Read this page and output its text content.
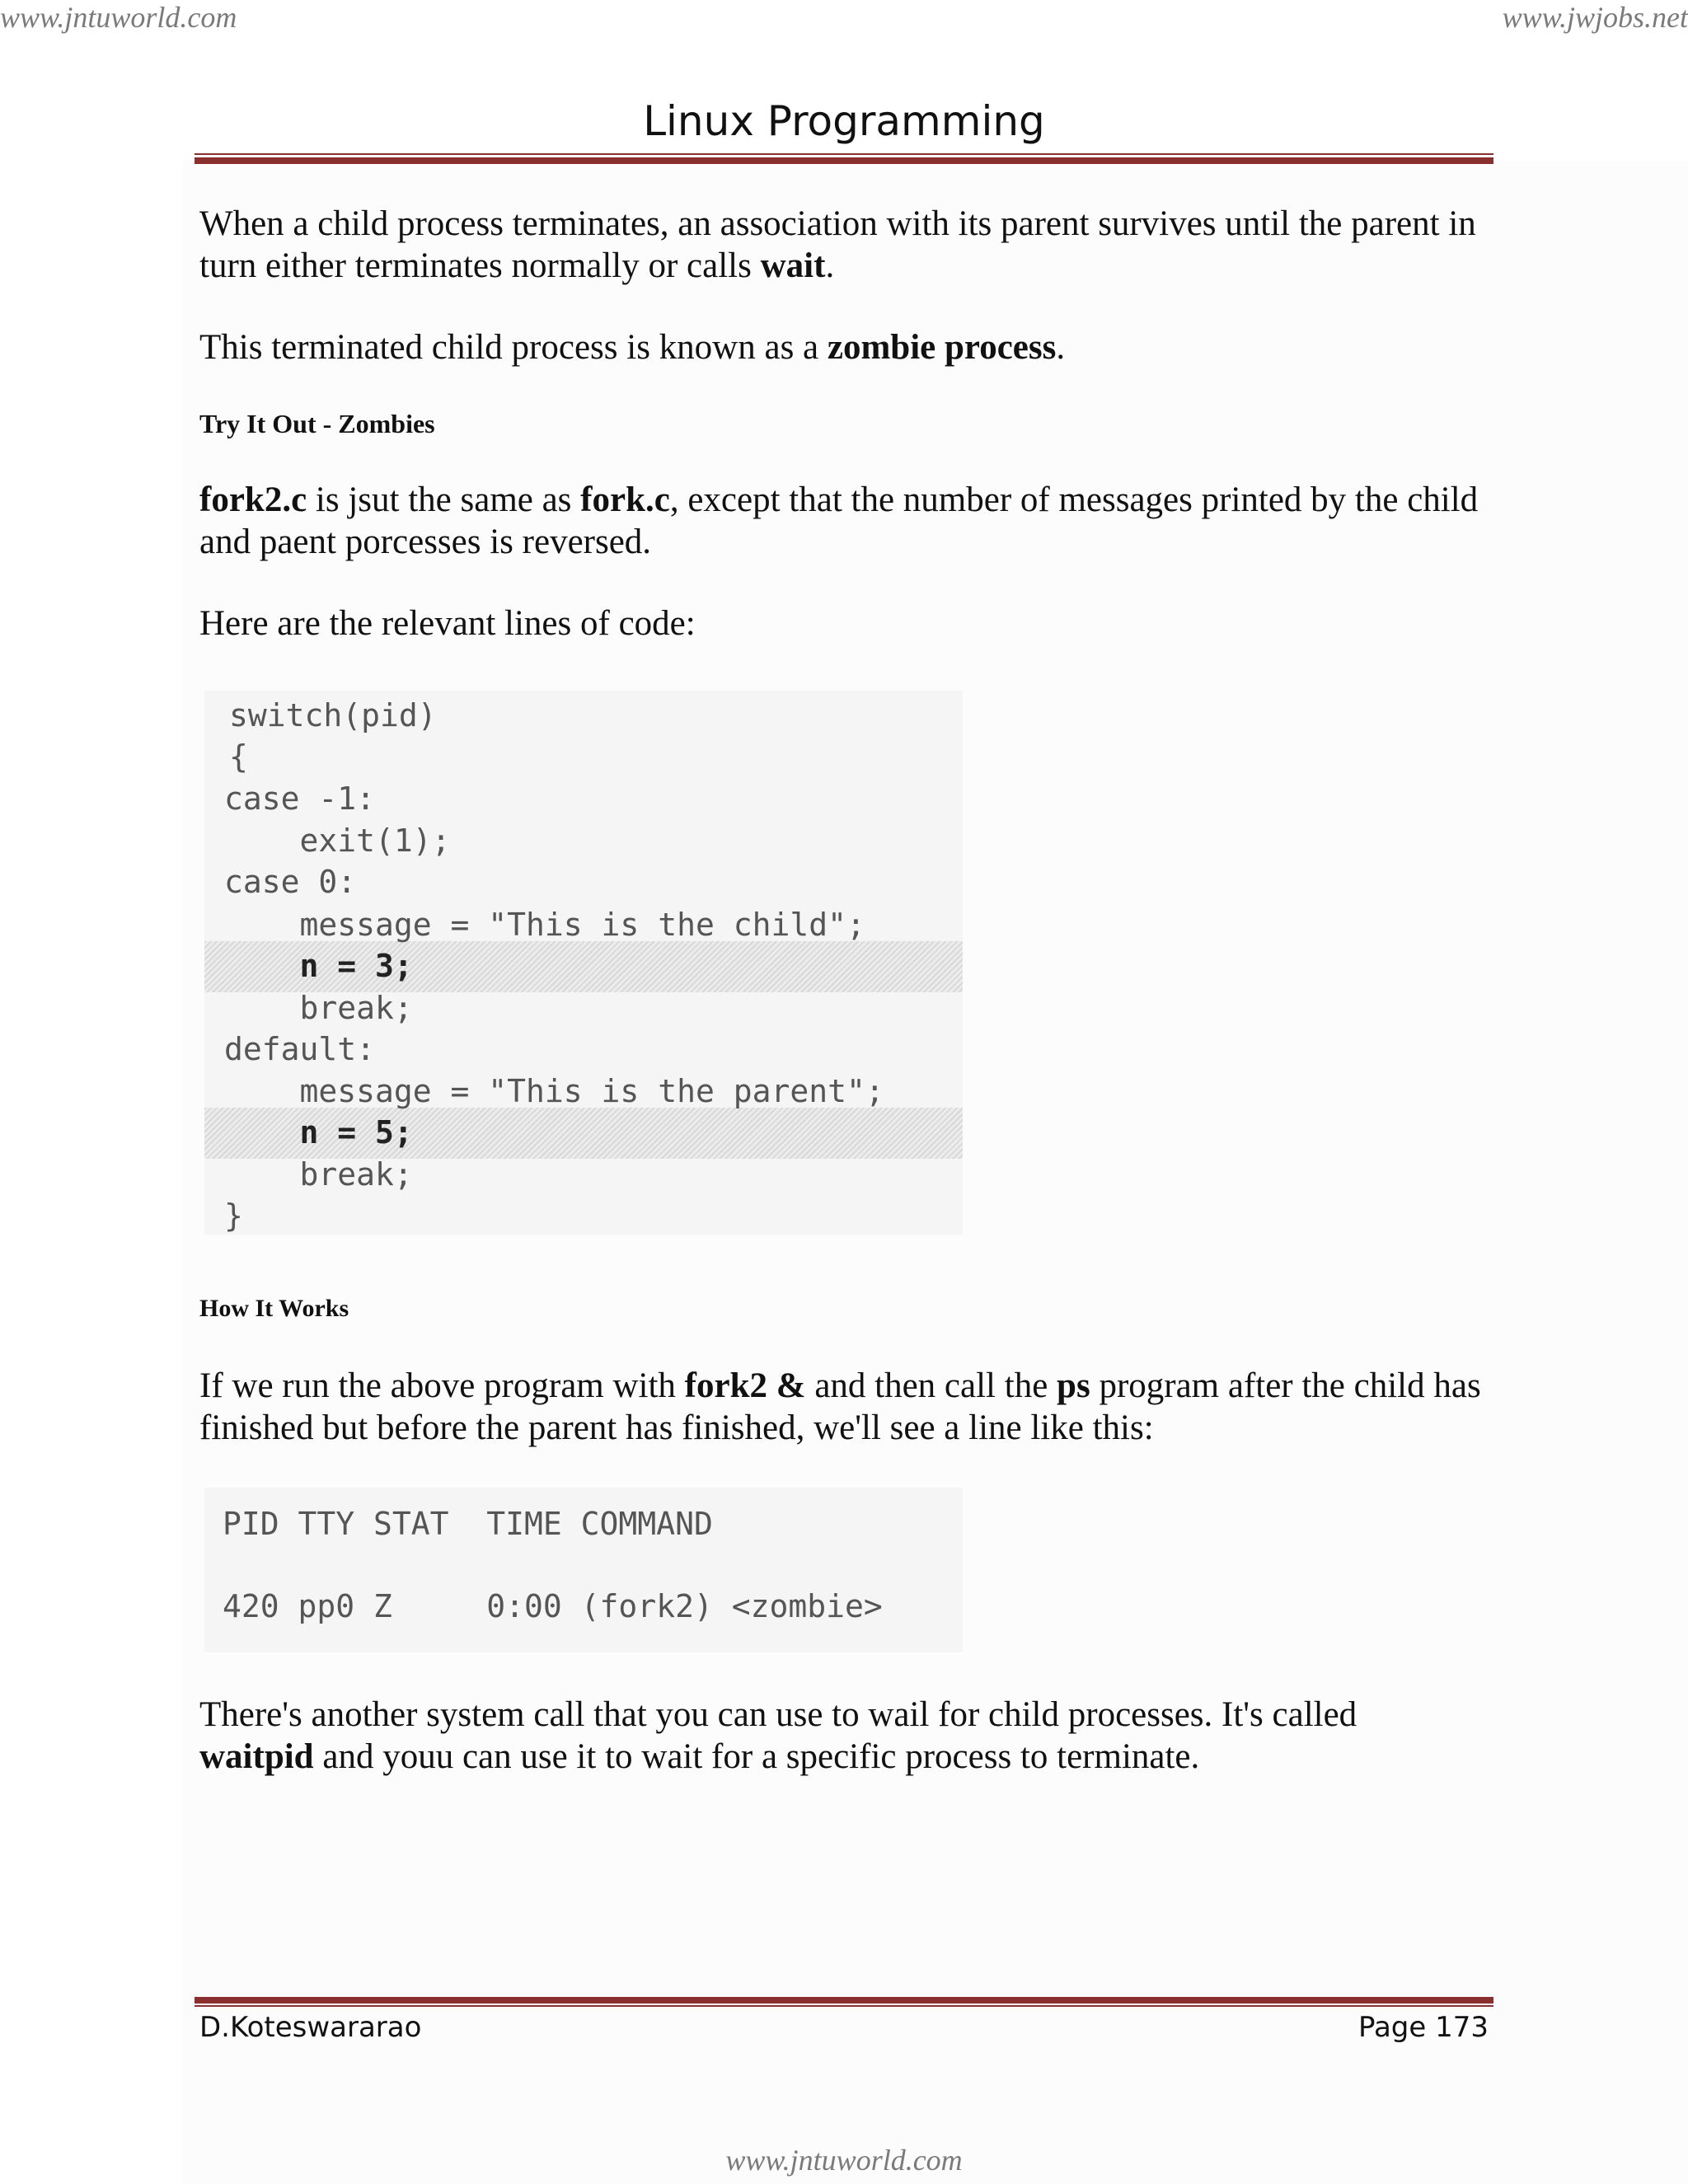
www.jntuworld.com	www.jwjobs.net
Linux Programming
When a child process terminates, an association with its parent survives until the parent in turn either terminates normally or calls wait.
This terminated child process is known as a zombie process.
Try It Out - Zombies
fork2.c is jsut the same as fork.c, except that the number of messages printed by the child and paent porcesses is reversed.
Here are the relevant lines of code:
switch(pid)
{
case -1:
exit(1);
case 0:
message = "This is the child";
n = 3;
break;
default:
message = "This is the parent";
n = 5;
break;
}
How It Works
If we run the above program with fork2 & and then call the ps program after the child has finished but before the parent has finished, we'll see a line like this:
PID TTY STAT  TIME COMMAND
420 pp0 Z     0:00 (fork2) <zombie>
There's another system call that you can use to wail for child processes. It's called waitpid and youu can use it to wait for a specific process to terminate.
D.Koteswararao	Page 173
www.jntuworld.com
